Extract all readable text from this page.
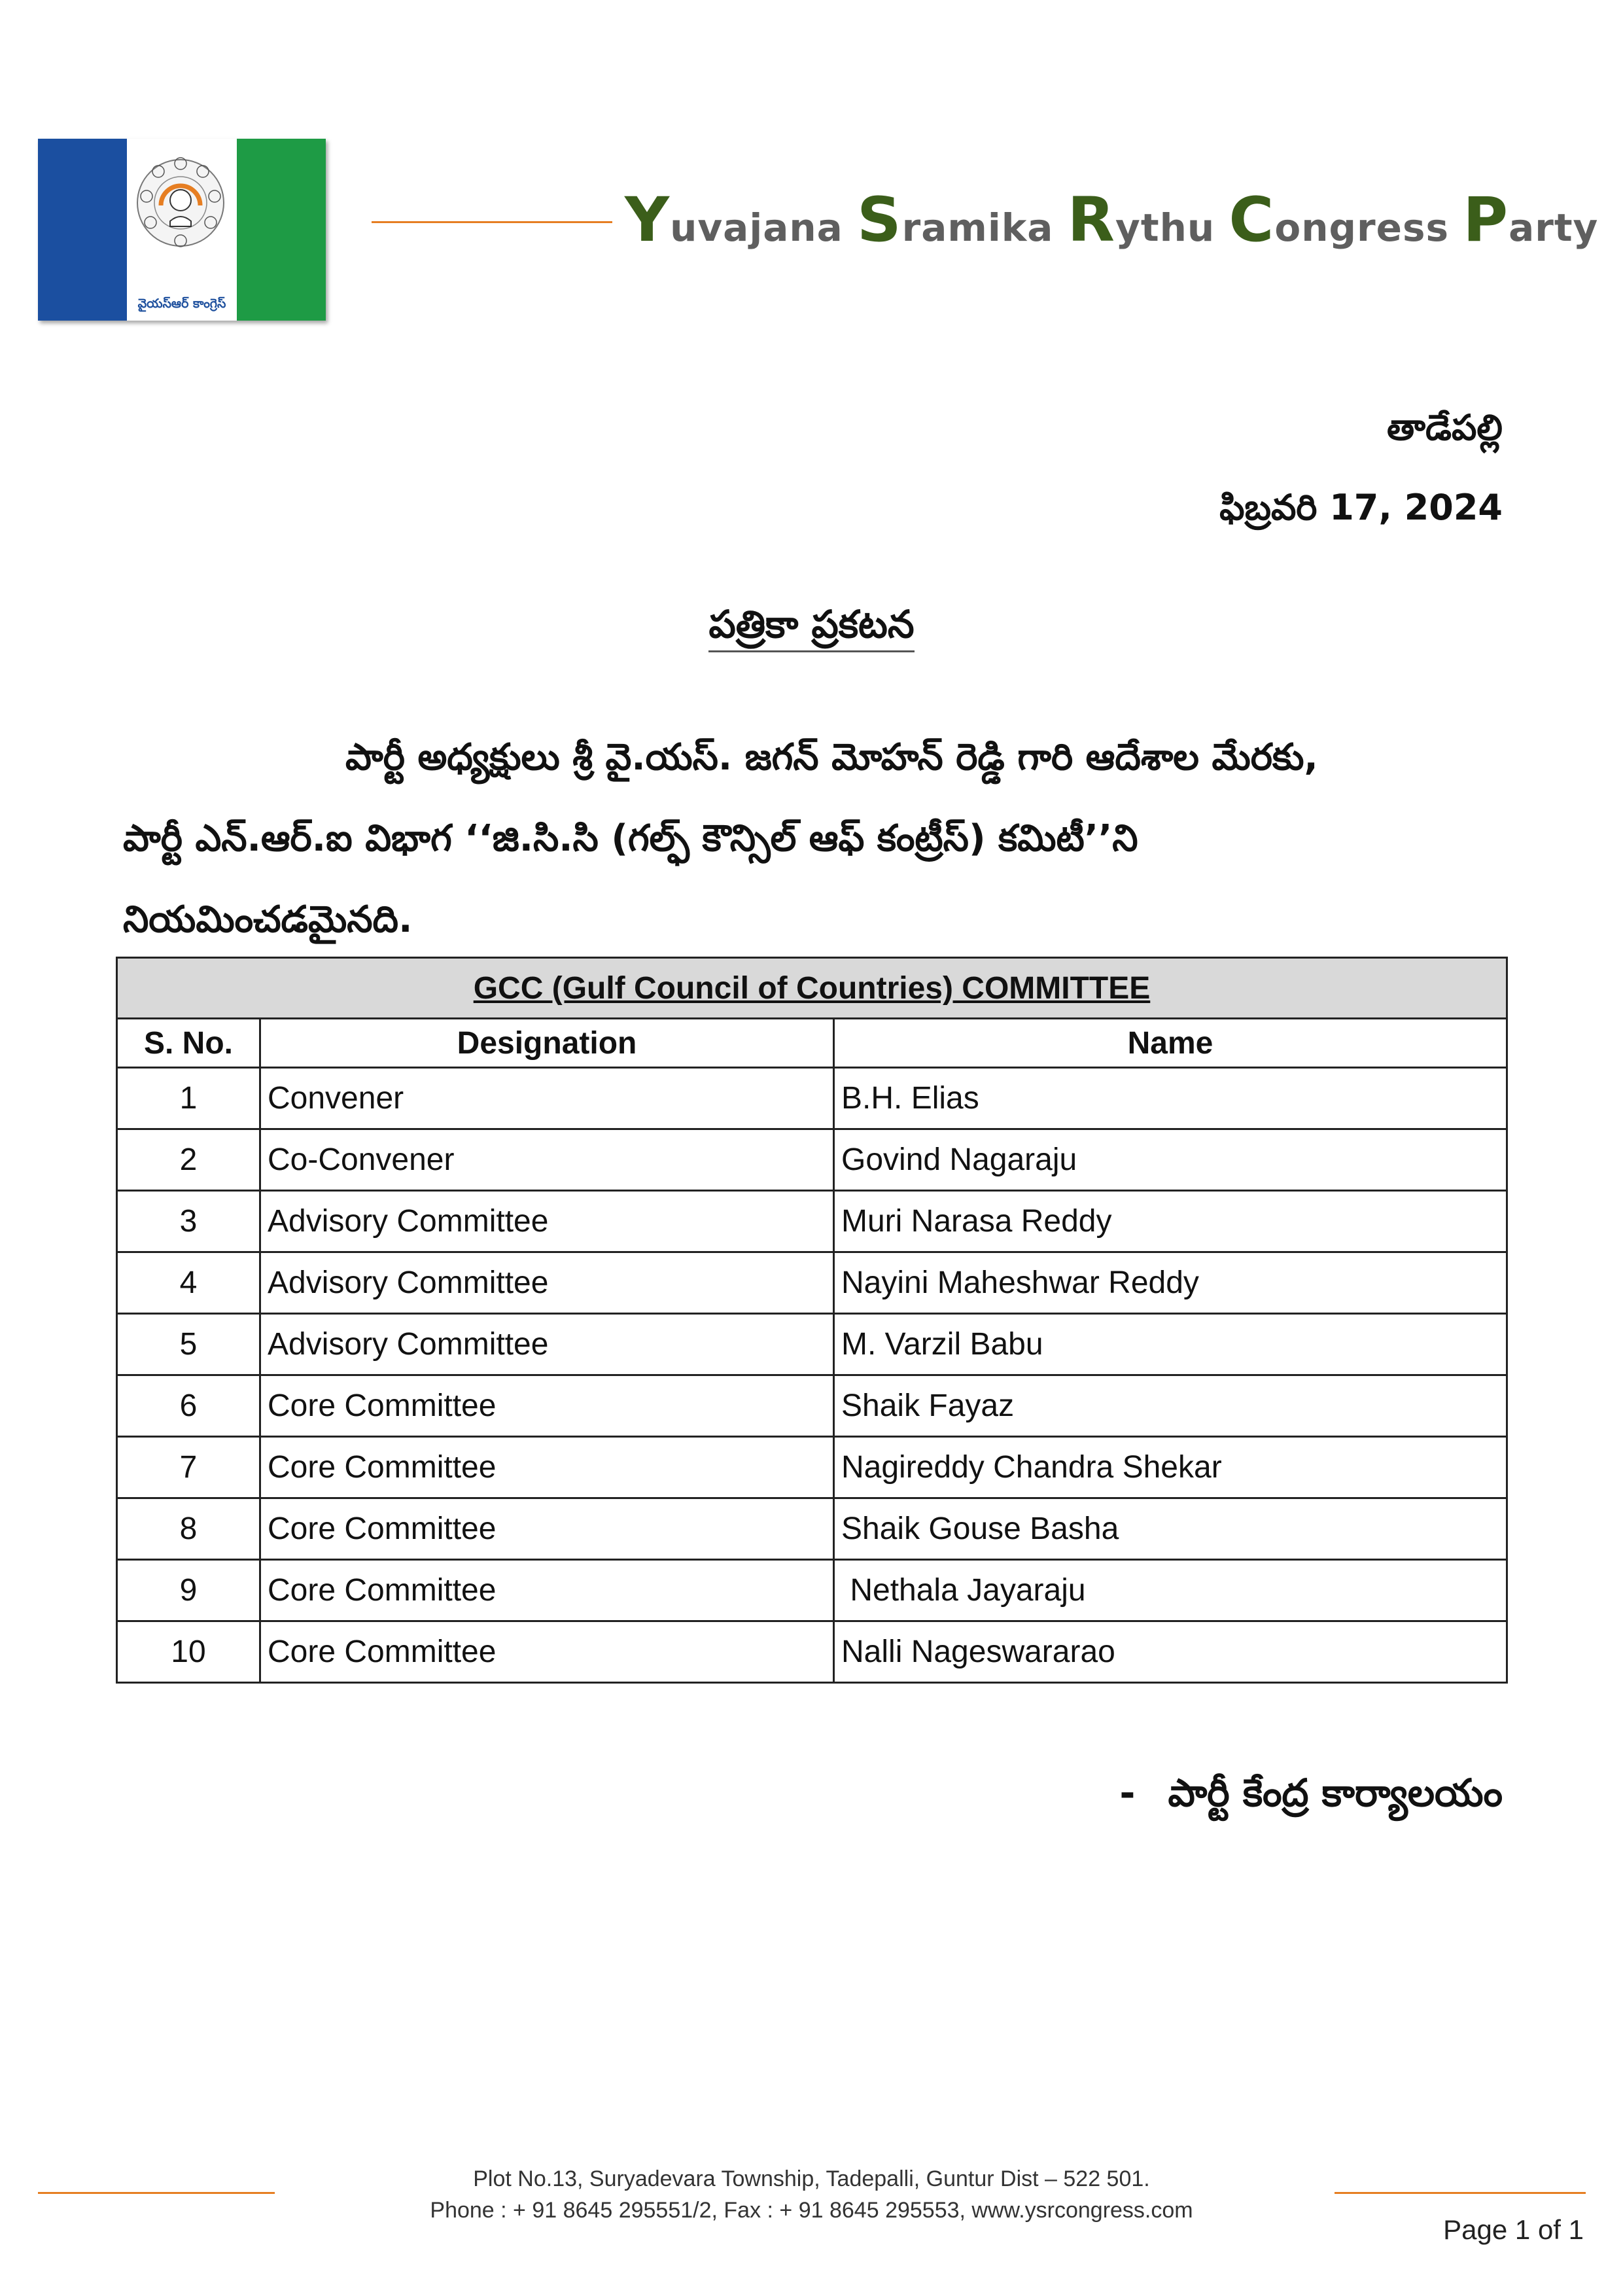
వైయస్ఆర్ కాంగ్రెస్
Yuvajana Sramika Rythu Congress Party
తాడేపల్లి
ఫిబ్రవరి 17, 2024
పత్రికా ప్రకటన
పార్టీ అధ్యక్షులు శ్రీ వై.యస్. జగన్ మోహన్ రెడ్డి గారి ఆదేశాల మేరకు,
పార్టీ ఎన్.ఆర్.ఐ విభాగ ‘‘జి.సి.సి (గల్ఫ్ కౌన్సిల్ ఆఫ్ కంట్రీస్) కమిటీ’’ని
నియమించడమైనది.
GCC (Gulf Council of Countries) COMMITTEE		
S. No.	Designation	Name
1	Convener	B.H. Elias
2	Co-Convener	Govind Nagaraju
3	Advisory Committee	Muri Narasa Reddy
4	Advisory Committee	Nayini Maheshwar Reddy
5	Advisory Committee	M. Varzil Babu
6	Core Committee	Shaik Fayaz
7	Core Committee	Nagireddy Chandra Shekar
8	Core Committee	Shaik Gouse Basha
9	Core Committee	Nethala Jayaraju
10	Core Committee	Nalli Nageswararao
- పార్టీ కేంద్ర కార్యాలయం
Plot No.13, Suryadevara Township, Tadepalli, Guntur Dist – 522 501.
Phone : + 91 8645 295551/2, Fax : + 91 8645 295553, www.ysrcongress.com
Page 1 of 1
